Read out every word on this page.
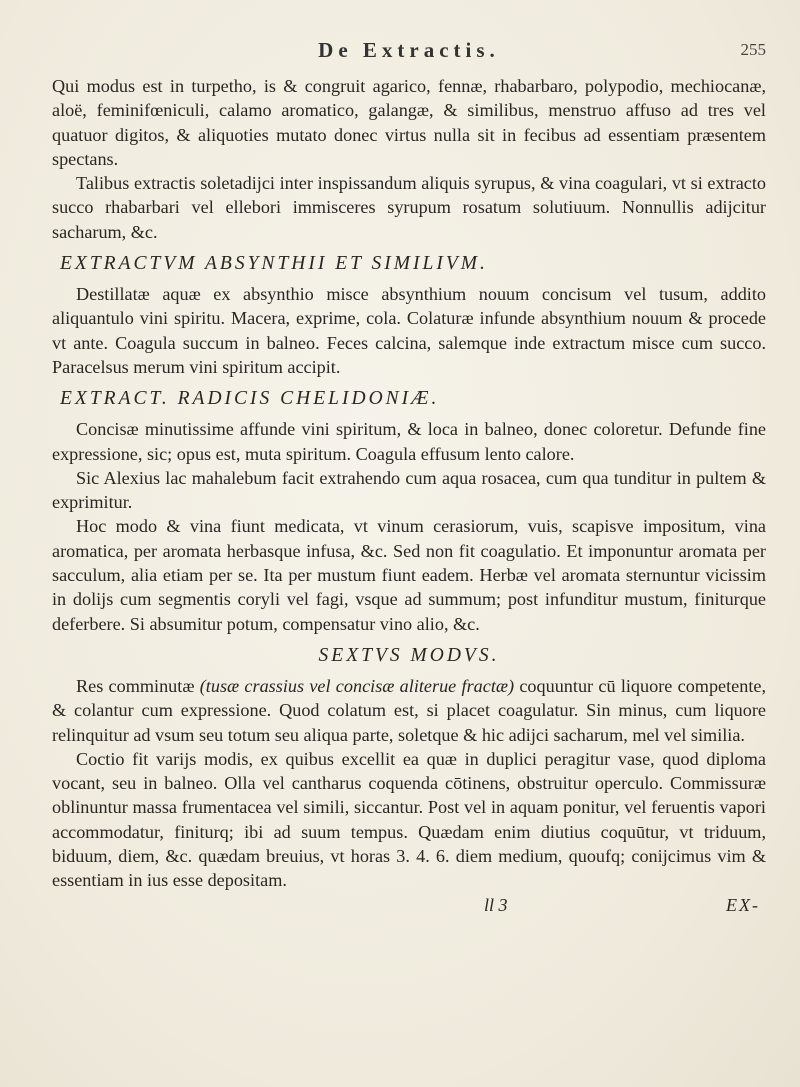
De Extractis.	255

Qui modus est in turpetho, is & congruit agarico, fennæ, rhabarbaro, polypodio, mechiocanæ, aloë, feminifœniculi, calamo aromatico, galangæ, & similibus, menstruo affuso ad tres vel quatuor digitos, & aliquoties mutato donec virtus nulla sit in fecibus ad essentiam præsentem spectans.

Talibus extractis soletadijci inter inspissandum aliquis syrupus, & vina coagulari, vt si extracto succo rhabarbari vel ellebori immisceres syrupum rosatum solutiuum. Nonnullis adijcitur sacharum, &c.

EXTRACTVM ABSYNTHII ET SIMILIVM.

Destillatæ aquæ ex absynthio misce absynthium nouum concisum vel tusum, addito aliquantulo vini spiritu. Macera, exprime, cola. Colaturæ infunde absynthium nouum & procede vt ante. Coagula succum in balneo. Feces calcina, salemque inde extractum misce cum succo. Paracelsus merum vini spiritum accipit.

EXTRACT. RADICIS CHELIDONIÆ.

Concisæ minutissime affunde vini spiritum, & loca in balneo, donec coloretur. Defunde fine expressione, sic; opus est, muta spiritum. Coagula effusum lento calore.

Sic Alexius lac mahalebum facit extrahendo cum aqua rosacea, cum qua tunditur in pultem & exprimitur.

Hoc modo & vina fiunt medicata, vt vinum cerasiorum, vuis, scapisve impositum, vina aromatica, per aromata herbasque infusa, &c. Sed non fit coagulatio. Et imponuntur aromata per sacculum, alia etiam per se. Ita per mustum fiunt eadem. Herbæ vel aromata sternuntur vicissim in dolijs cum segmentis coryli vel fagi, vsque ad summum; post infunditur mustum, finiturque deferbere. Si absumitur potum, compensatur vino alio, &c.

SEXTVS MODVS.

Res comminutæ (tusæ crassius vel concisæ aliterue fractæ) coquuntur cū liquore competente, & colantur cum expressione. Quod colatum est, si placet coagulatur. Sin minus, cum liquore relinquitur ad vsum seu totum seu aliqua parte, soletque & hic adijci sacharum, mel vel similia.

Coctio fit varijs modis, ex quibus excellit ea quæ in duplici peragitur vase, quod diploma vocant, seu in balneo. Olla vel cantharus coquenda cōtinens, obstruitur operculo. Commissuræ oblinuntur massa frumentacea vel simili, siccantur. Post vel in aquam ponitur, vel feruentis vapori accommodatur, finiturq; ibi ad suum tempus. Quædam enim diutius coquūtur, vt triduum, biduum, diem, &c. quædam breuius, vt horas 3. 4. 6. diem medium, quoufq; conijcimus vim & essentiam in ius esse depositam.

ll 3	EX-
